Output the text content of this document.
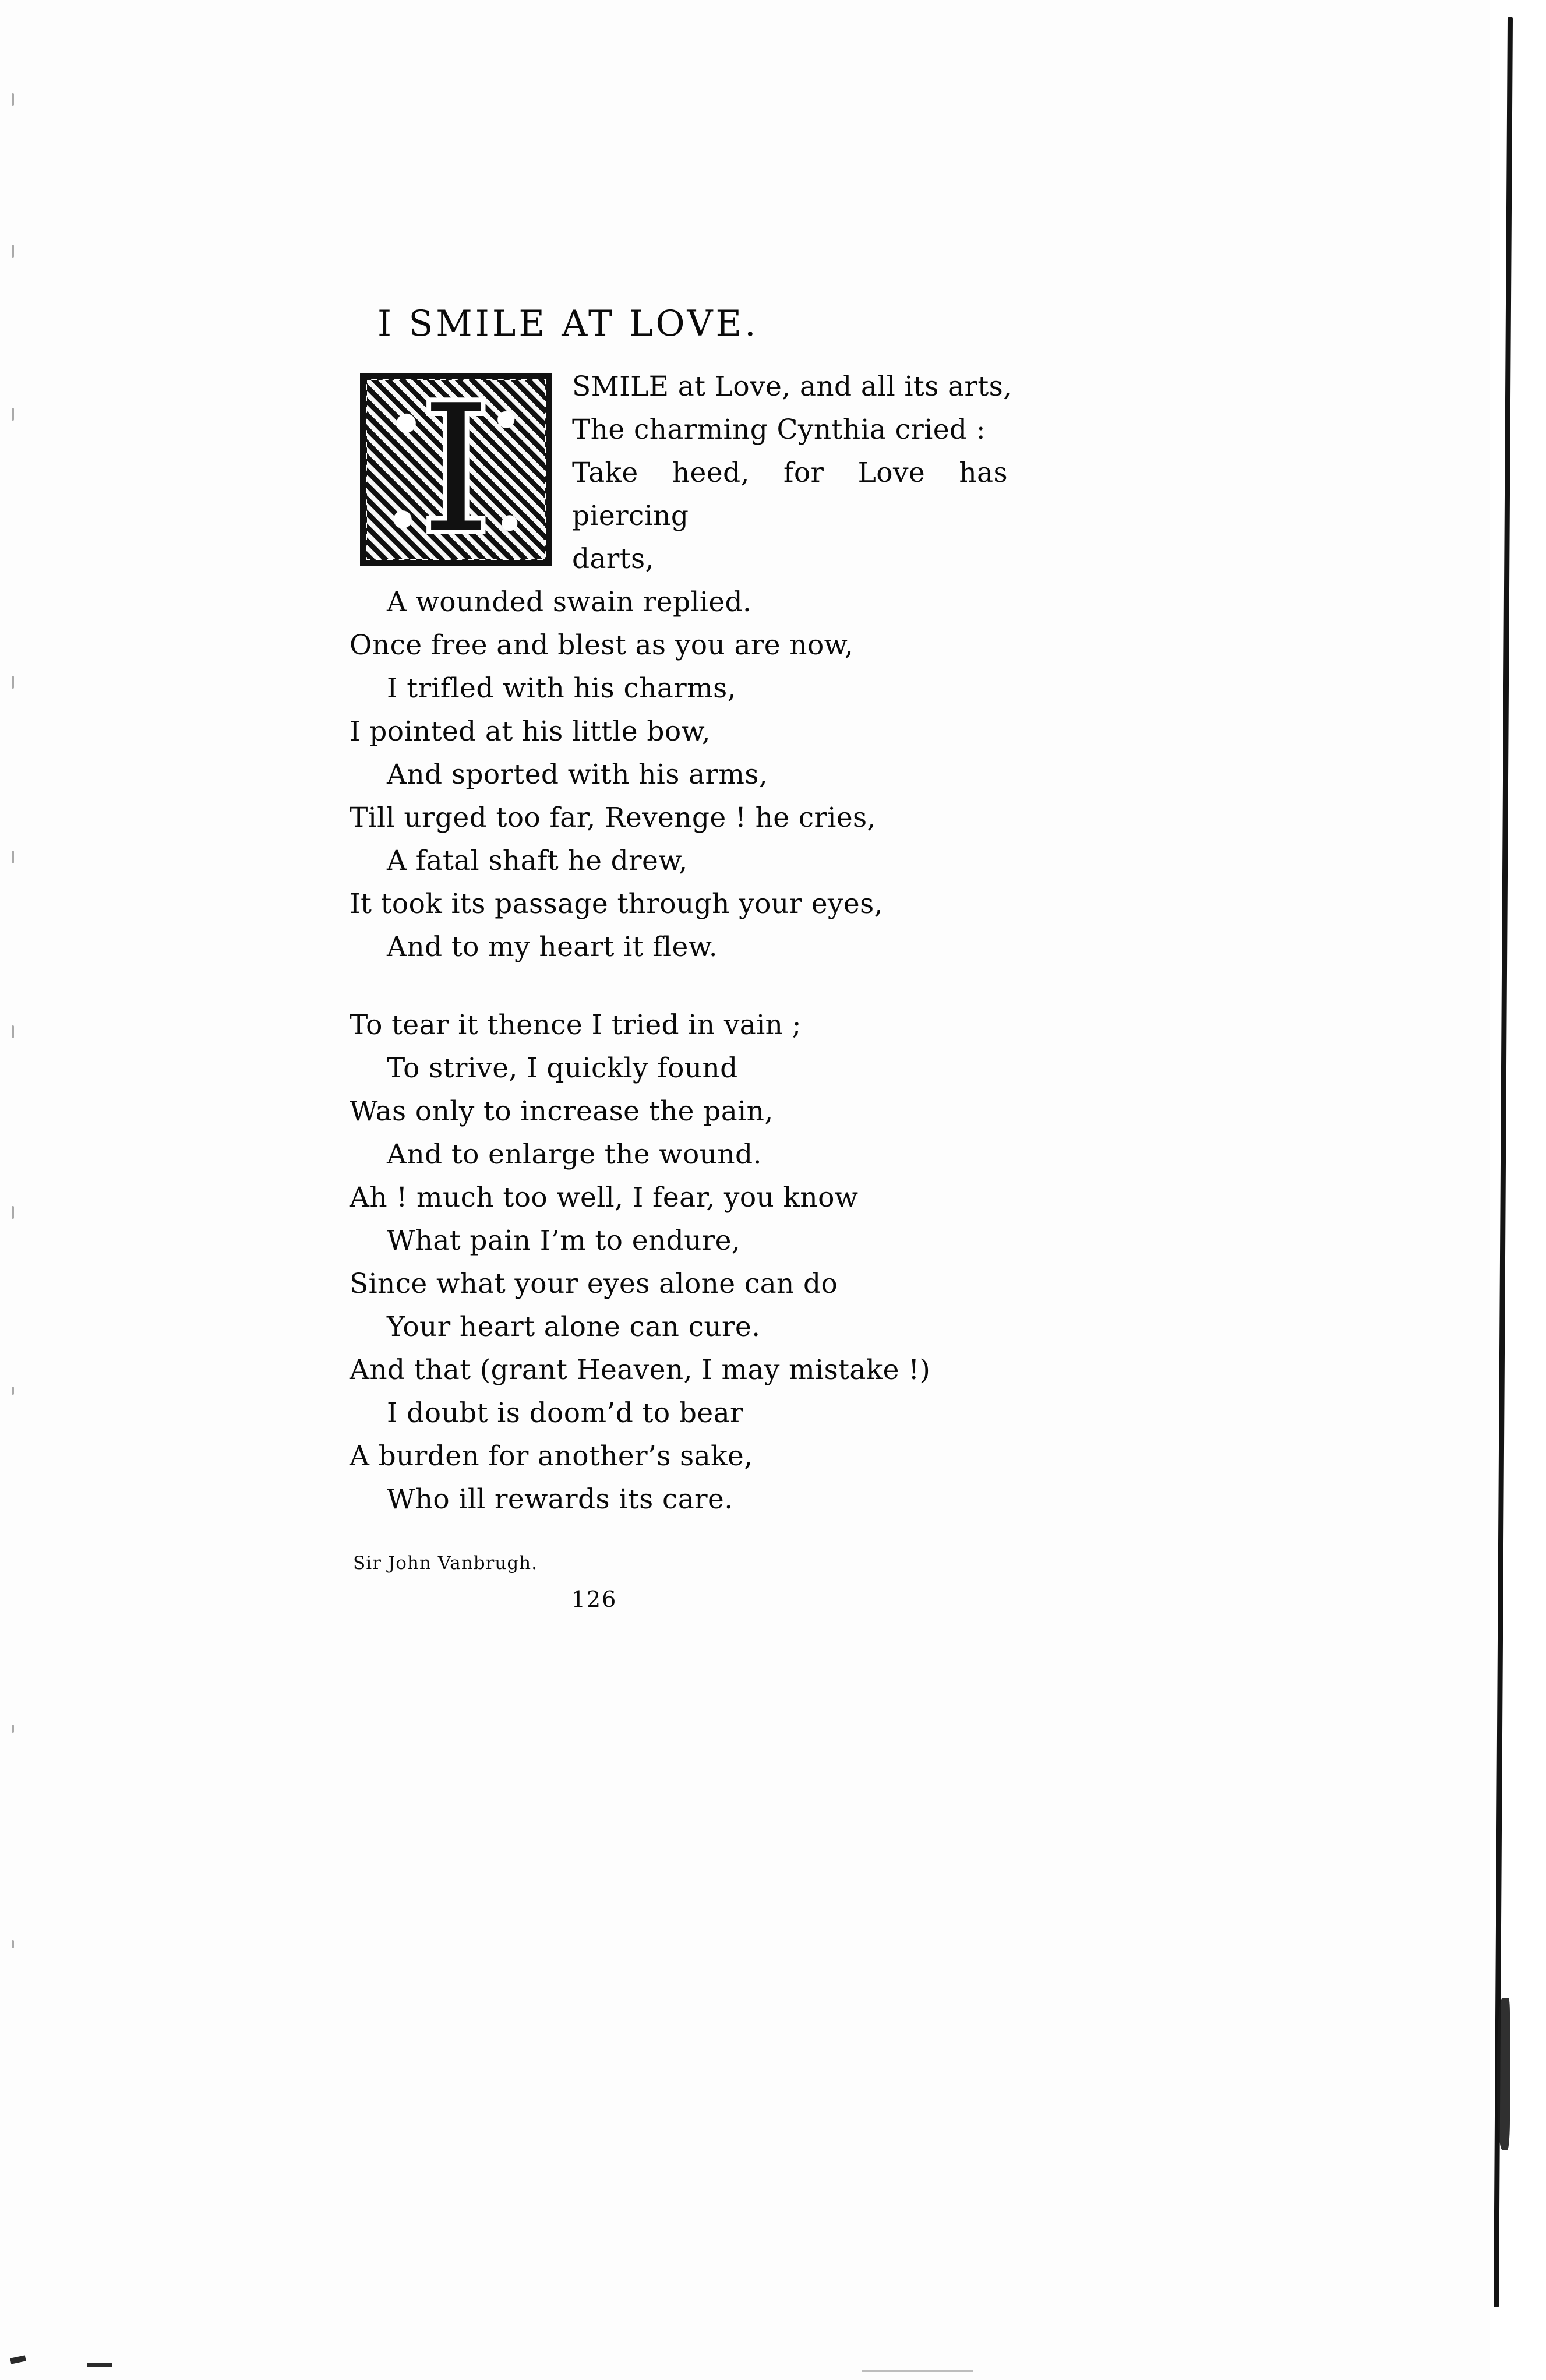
I SMILE AT LOVE.
I

SMILE at Love, and all its arts,

The charming Cynthia cried :

Take heed, for Love has piercing

darts,

A wounded swain replied.

Once free and blest as you are now,

I trifled with his charms,

I pointed at his little bow,

And sported with his arms,

Till urged too far, Revenge ! he cries,

A fatal shaft he drew,

It took its passage through your eyes,

And to my heart it flew.

To tear it thence I tried in vain ;

To strive, I quickly found

Was only to increase the pain,

And to enlarge the wound.

Ah ! much too well, I fear, you know

What pain I’m to endure,

Since what your eyes alone can do

Your heart alone can cure.

And that (grant Heaven, I may mistake !)

I doubt is doom’d to bear

A burden for another’s sake,

Who ill rewards its care.

Sir John Vanbrugh.
126
